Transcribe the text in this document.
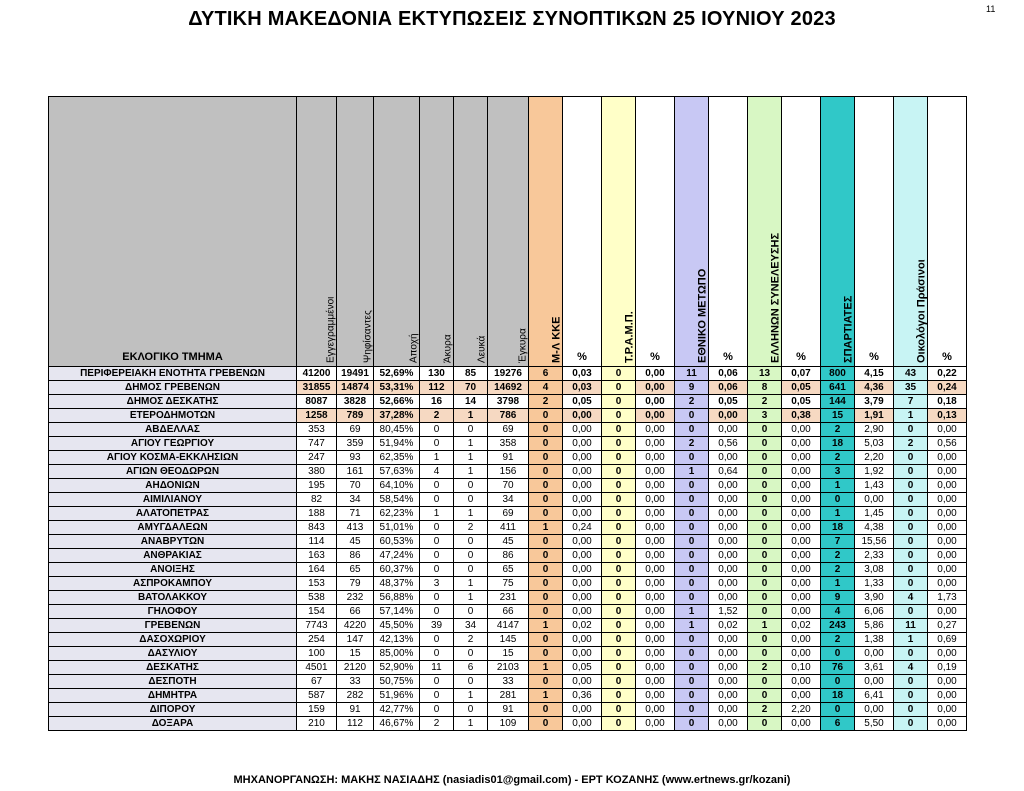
ΔΥΤΙΚΗ ΜΑΚΕΔΟΝΙΑ ΕΚΤΥΠΩΣΕΙΣ ΣΥΝΟΠΤΙΚΩΝ 25 ΙΟΥΝΙΟΥ 2023	11
ΕΚΛΟΓΙΚΟ ΤΜΗΜΑ	Εγγεγραμμένοι	Ψηφίσαντες	Αποχή	Άκυρα	Λευκά	Έγκυρα	Μ-Λ ΚΚΕ	%	Τ.Ρ.Α.Μ.Π.	%	ΕΘΝΙΚΟ ΜΕΤΩΠΟ	%	ΕΛΛΗΝΩΝ ΣΥΝΕΛΕΥΣΗΣ	%	ΣΠΑΡΤΙΑΤΕΣ	%	Οικολόγοι Πράσινοι	%
ΠΕΡΙΦΕΡΕΙΑΚΗ ΕΝΟΤΗΤΑ ΓΡΕΒΕΝΩΝ	41200	19491	52,69%	130	85	19276	6	0,03	0	0,00	11	0,06	13	0,07	800	4,15	43	0,22
ΔΗΜΟΣ ΓΡΕΒΕΝΩΝ	31855	14874	53,31%	112	70	14692	4	0,03	0	0,00	9	0,06	8	0,05	641	4,36	35	0,24
ΔΗΜΟΣ ΔΕΣΚΑΤΗΣ	8087	3828	52,66%	16	14	3798	2	0,05	0	0,00	2	0,05	2	0,05	144	3,79	7	0,18
ΕΤΕΡΟΔΗΜΟΤΩΝ	1258	789	37,28%	2	1	786	0	0,00	0	0,00	0	0,00	3	0,38	15	1,91	1	0,13
ΑΒΔΕΛΛΑΣ	353	69	80,45%	0	0	69	0	0,00	0	0,00	0	0,00	0	0,00	2	2,90	0	0,00
ΑΓΙΟΥ ΓΕΩΡΓΙΟΥ	747	359	51,94%	0	1	358	0	0,00	0	0,00	2	0,56	0	0,00	18	5,03	2	0,56
ΑΓΙΟΥ ΚΟΣΜΑ-ΕΚΚΛΗΣΙΩΝ	247	93	62,35%	1	1	91	0	0,00	0	0,00	0	0,00	0	0,00	2	2,20	0	0,00
ΑΓΙΩΝ ΘΕΟΔΩΡΩΝ	380	161	57,63%	4	1	156	0	0,00	0	0,00	1	0,64	0	0,00	3	1,92	0	0,00
ΑΗΔΟΝΙΩΝ	195	70	64,10%	0	0	70	0	0,00	0	0,00	0	0,00	0	0,00	1	1,43	0	0,00
ΑΙΜΙΛΙΑΝΟΥ	82	34	58,54%	0	0	34	0	0,00	0	0,00	0	0,00	0	0,00	0	0,00	0	0,00
ΑΛΑΤΟΠΕΤΡΑΣ	188	71	62,23%	1	1	69	0	0,00	0	0,00	0	0,00	0	0,00	1	1,45	0	0,00
ΑΜΥΓΔΑΛΕΩΝ	843	413	51,01%	0	2	411	1	0,24	0	0,00	0	0,00	0	0,00	18	4,38	0	0,00
ΑΝΑΒΡΥΤΩΝ	114	45	60,53%	0	0	45	0	0,00	0	0,00	0	0,00	0	0,00	7	15,56	0	0,00
ΑΝΘΡΑΚΙΑΣ	163	86	47,24%	0	0	86	0	0,00	0	0,00	0	0,00	0	0,00	2	2,33	0	0,00
ΑΝΟΙΞΗΣ	164	65	60,37%	0	0	65	0	0,00	0	0,00	0	0,00	0	0,00	2	3,08	0	0,00
ΑΣΠΡΟΚΑΜΠΟΥ	153	79	48,37%	3	1	75	0	0,00	0	0,00	0	0,00	0	0,00	1	1,33	0	0,00
ΒΑΤΟΛΑΚΚΟΥ	538	232	56,88%	0	1	231	0	0,00	0	0,00	0	0,00	0	0,00	9	3,90	4	1,73
ΓΗΛΟΦΟΥ	154	66	57,14%	0	0	66	0	0,00	0	0,00	1	1,52	0	0,00	4	6,06	0	0,00
ΓΡΕΒΕΝΩΝ	7743	4220	45,50%	39	34	4147	1	0,02	0	0,00	1	0,02	1	0,02	243	5,86	11	0,27
ΔΑΣΟΧΩΡΙΟΥ	254	147	42,13%	0	2	145	0	0,00	0	0,00	0	0,00	0	0,00	2	1,38	1	0,69
ΔΑΣΥΛΙΟΥ	100	15	85,00%	0	0	15	0	0,00	0	0,00	0	0,00	0	0,00	0	0,00	0	0,00
ΔΕΣΚΑΤΗΣ	4501	2120	52,90%	11	6	2103	1	0,05	0	0,00	0	0,00	2	0,10	76	3,61	4	0,19
ΔΕΣΠΟΤΗ	67	33	50,75%	0	0	33	0	0,00	0	0,00	0	0,00	0	0,00	0	0,00	0	0,00
ΔΗΜΗΤΡΑ	587	282	51,96%	0	1	281	1	0,36	0	0,00	0	0,00	0	0,00	18	6,41	0	0,00
ΔΙΠΟΡΟΥ	159	91	42,77%	0	0	91	0	0,00	0	0,00	0	0,00	2	2,20	0	0,00	0	0,00
ΔΟΞΑΡΑ	210	112	46,67%	2	1	109	0	0,00	0	0,00	0	0,00	0	0,00	6	5,50	0	0,00
ΜΗΧΑΝΟΡΓΑΝΩΣΗ: ΜΑΚΗΣ ΝΑΣΙΑΔΗΣ (nasiadis01@gmail.com) - ΕΡΤ ΚΟΖΑΝΗΣ (www.ertnews.gr/kozani)
